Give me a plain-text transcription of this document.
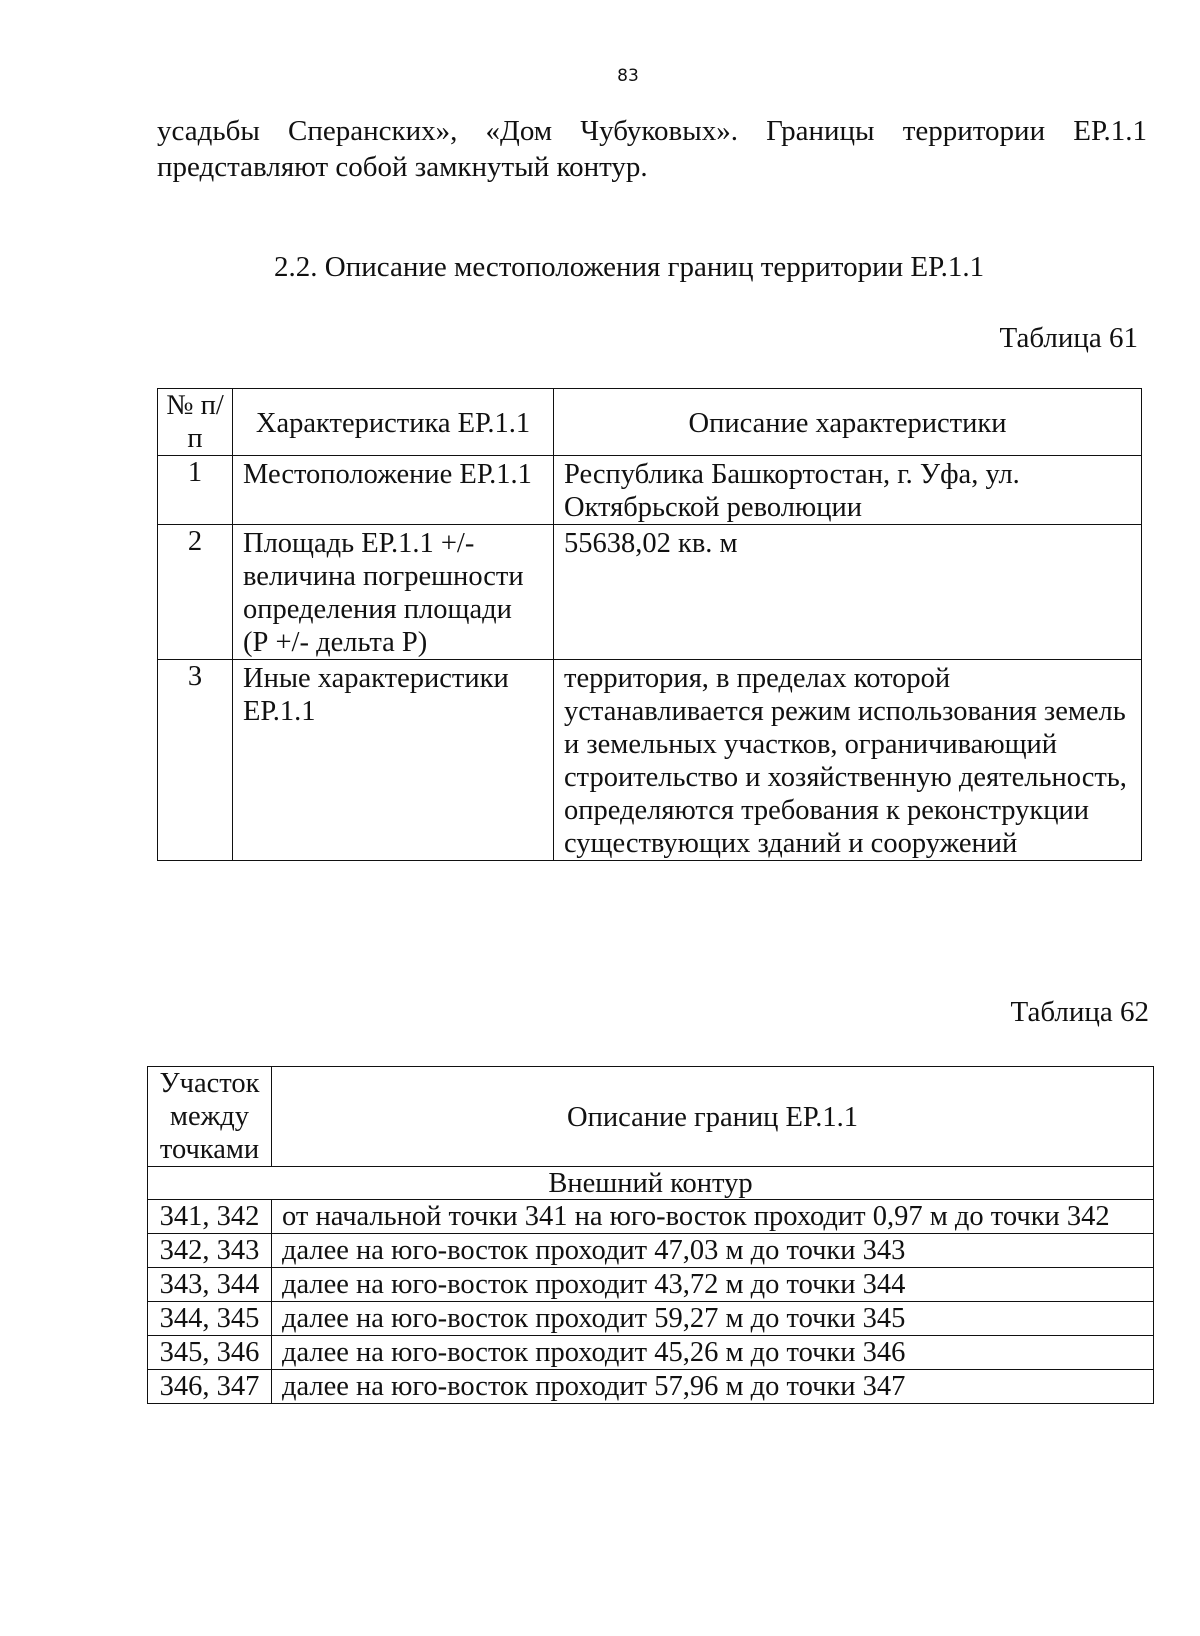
83
усадьбы Сперанских», «Дом Чубуковых». Границы территории ЕР.1.1
представляют собой замкнутый контур.
2.2. Описание местоположения границ территории ЕР.1.1
Таблица 61
№ п/п	Характеристика ЕР.1.1	Описание характеристики
1	Местоположение ЕР.1.1	Республика Башкортостан, г. Уфа, ул. Октябрьской революции
2	Площадь ЕР.1.1 +/- величина погрешности определения площади (Р +/- дельта Р)	55638,02 кв. м
3	Иные характеристики ЕР.1.1	территория, в пределах которой устанавливается режим использования земель и земельных участков, ограничивающий строительство и хозяйственную деятельность, определяются требования к реконструкции существующих зданий и сооружений
Таблица 62
Участок между точками	Описание границ ЕР.1.1
Внешний контур	
341, 342	от начальной точки 341 на юго-восток проходит 0,97 м до точки 342
342, 343	далее на юго-восток проходит 47,03 м до точки 343
343, 344	далее на юго-восток проходит 43,72 м до точки 344
344, 345	далее на юго-восток проходит 59,27 м до точки 345
345, 346	далее на юго-восток проходит 45,26 м до точки 346
346, 347	далее на юго-восток проходит 57,96 м до точки 347
